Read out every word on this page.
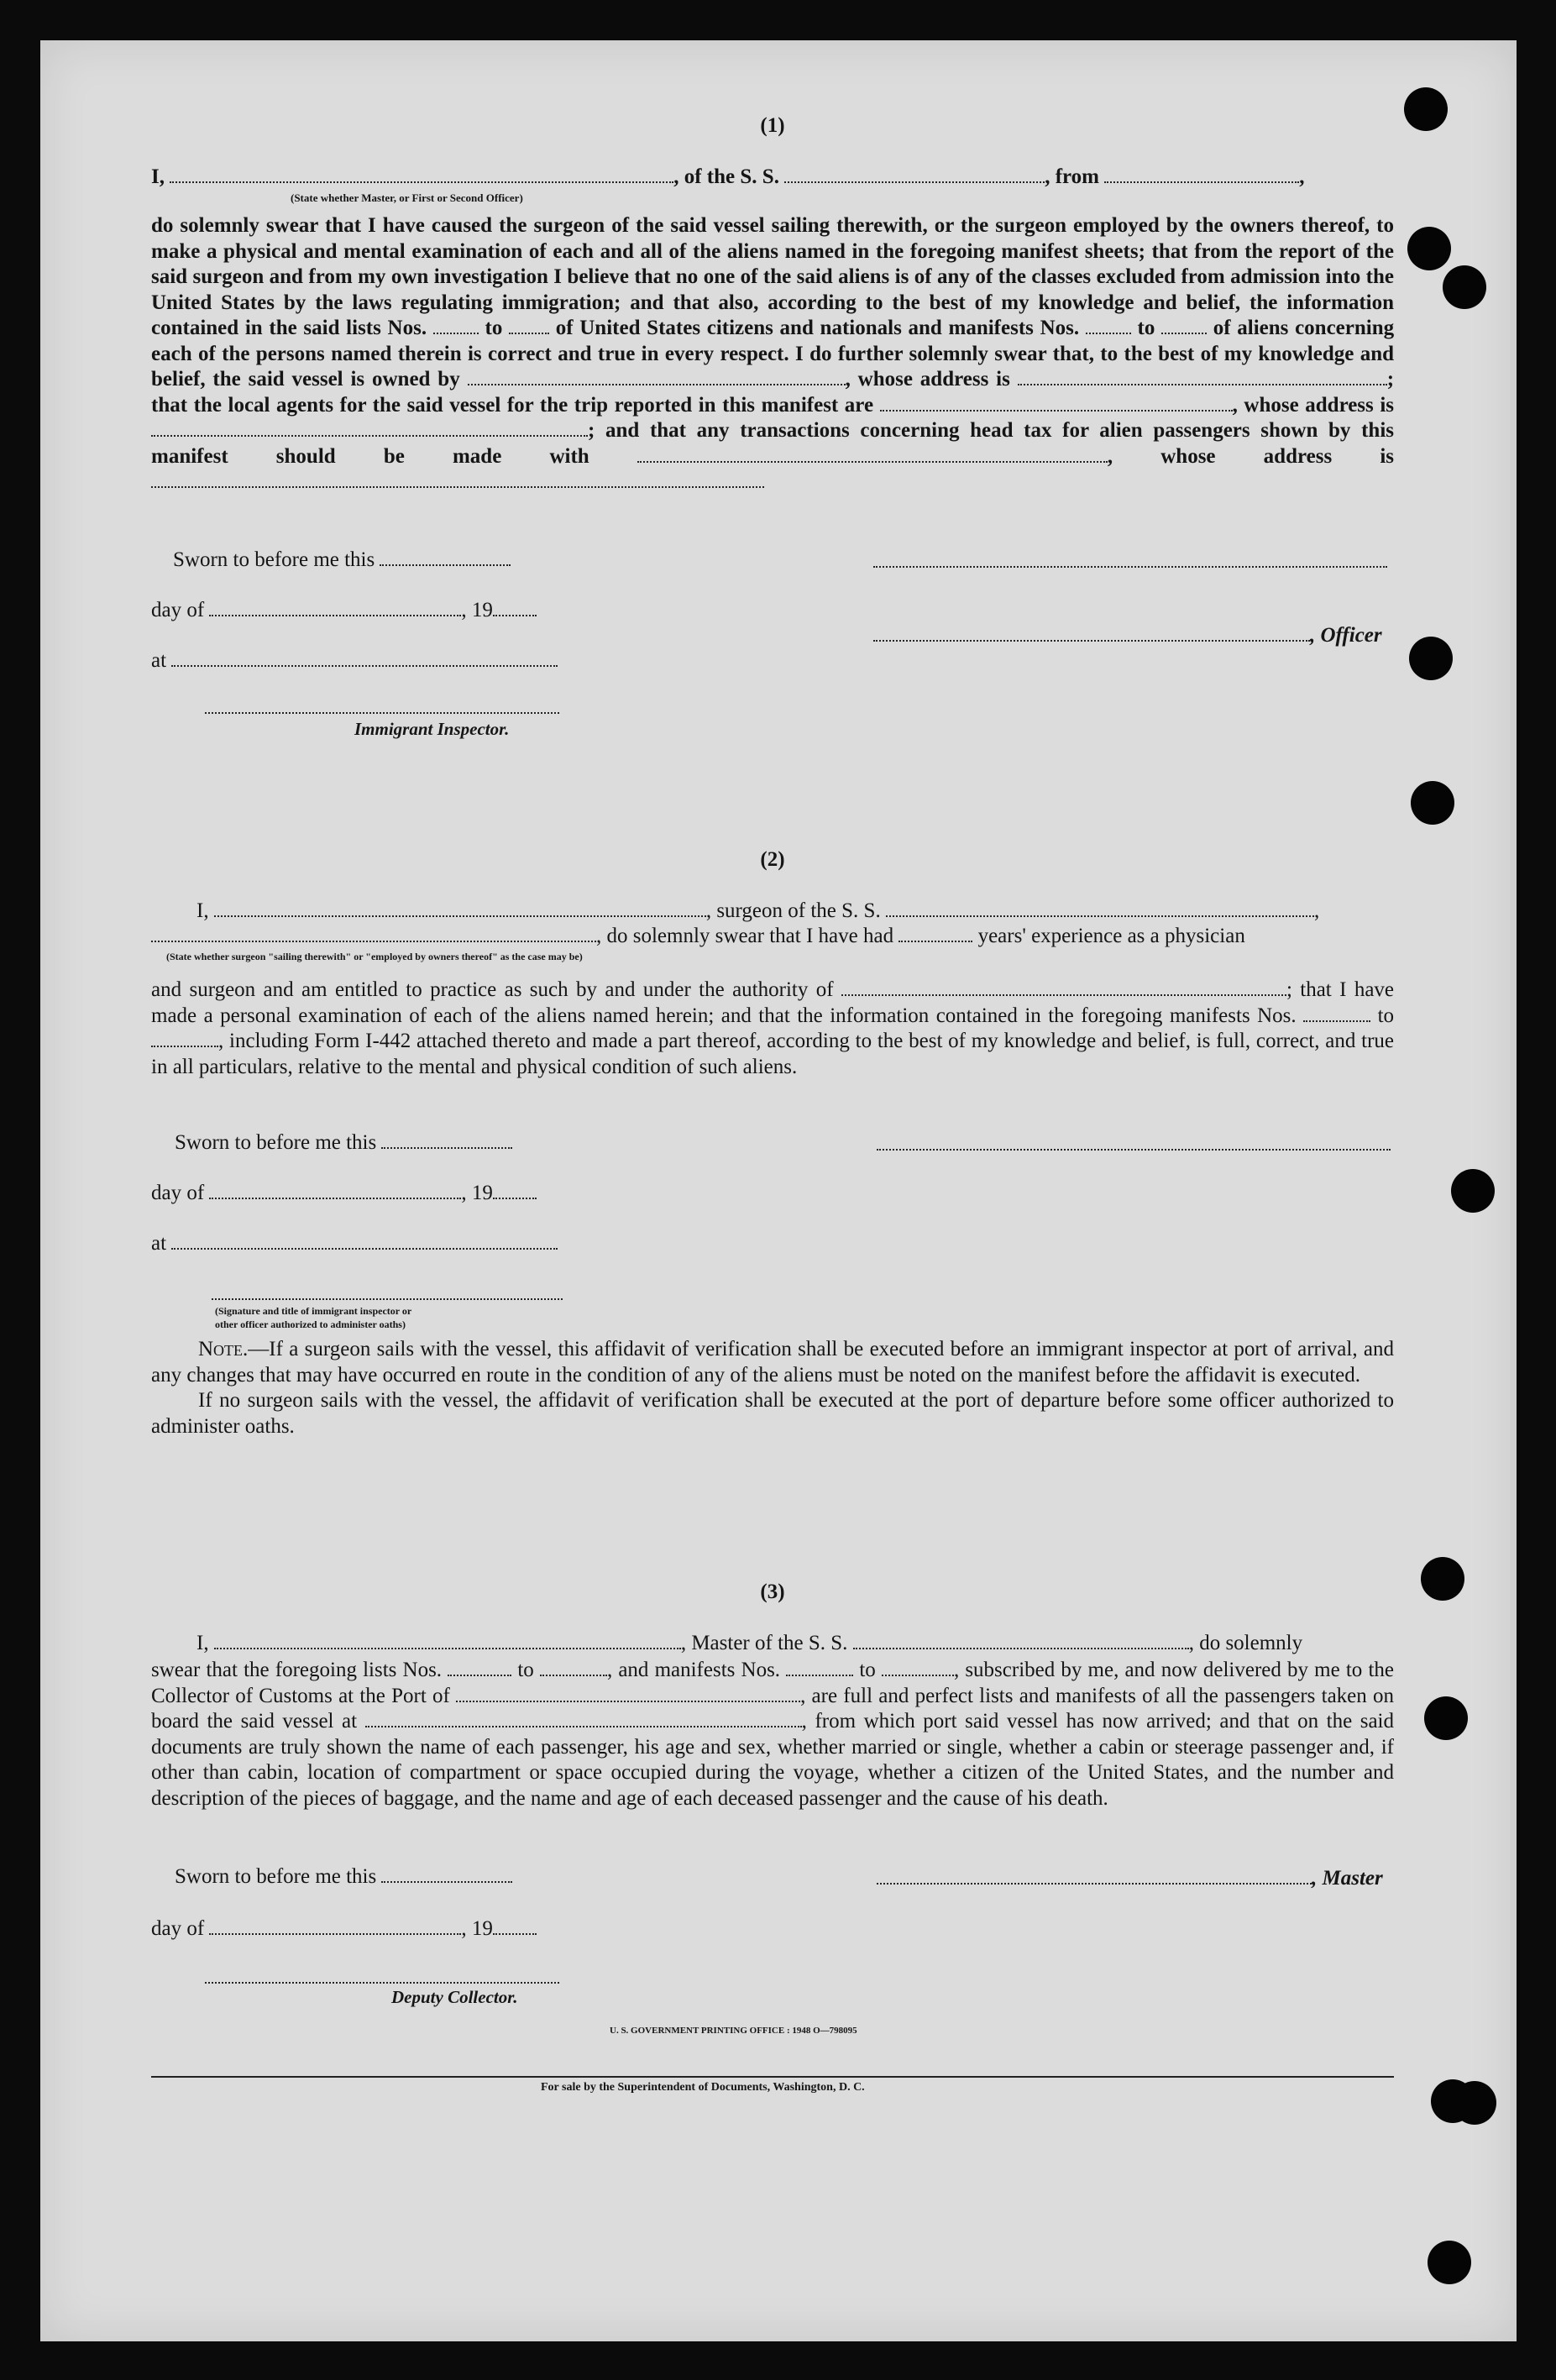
(1)

I,	, of the S. S.	, from	,
(State whether Master, or First or Second Officer)

do solemnly swear that I have caused the surgeon of the said vessel sailing therewith, or the surgeon employed by the owners thereof, to make a physical and mental examination of each and all of the aliens named in the foregoing manifest sheets; that from the report of the said surgeon and from my own investigation I believe that no one of the said aliens is of any of the classes excluded from admission into the United States by the laws regulating immigration; and that also, according to the best of my knowledge and belief, the information contained in the said lists Nos.	to	of United States citizens and nationals and manifests Nos.	to	of aliens concerning each of the persons named therein is correct and true in every respect. I do further solemnly swear that, to the best of my knowledge and belief, the said vessel is owned by	, whose address is	; that the local agents for the said vessel for the trip reported in this manifest are	, whose address is ; and that any transactions concerning head tax for alien passengers shown by this manifest should be made with	, whose address is

Sworn to before me this
day of	, 19
, Officer
at
Immigrant Inspector.

(2)

I,	, surgeon of the S. S.	,
, do solemnly swear that I have had	years' experience as a physician
(State whether surgeon "sailing therewith" or "employed by owners thereof" as the case may be)

and surgeon and am entitled to practice as such by and under the authority of	; that I have made a personal examination of each of the aliens named herein; and that the information contained in the foregoing manifests Nos.	to , including Form I-442 attached thereto and made a part thereof, according to the best of my knowledge and belief, is full, correct, and true in all particulars, relative to the mental and physical condition of such aliens.

Sworn to before me this
day of	, 19
at
(Signature and title of immigrant inspector or
other officer authorized to administer oaths)

Note.—If a surgeon sails with the vessel, this affidavit of verification shall be executed before an immigrant inspector at port of arrival, and any changes that may have occurred en route in the condition of any of the aliens must be noted on the manifest before the affidavit is executed.

If no surgeon sails with the vessel, the affidavit of verification shall be executed at the port of departure before some officer authorized to administer oaths.

(3)

I,	, Master of the S. S.	, do solemnly

swear that the foregoing lists Nos.	to	, and manifests Nos.	to	, subscribed by me, and now delivered by me to the Collector of Customs at the Port of	, are full and perfect lists and manifests of all the passengers taken on board the said vessel at	, from which port said vessel has now arrived; and that on the said documents are truly shown the name of each passenger, his age and sex, whether married or single, whether a cabin or steerage passenger and, if other than cabin, location of compartment or space occupied during the voyage, whether a citizen of the United States, and the number and description of the pieces of baggage, and the name and age of each deceased passenger and the cause of his death.

Sworn to before me this	, Master
day of	, 19
Deputy Collector.
U. S. GOVERNMENT PRINTING OFFICE : 1948 O—798095
For sale by the Superintendent of Documents, Washington, D. C.
